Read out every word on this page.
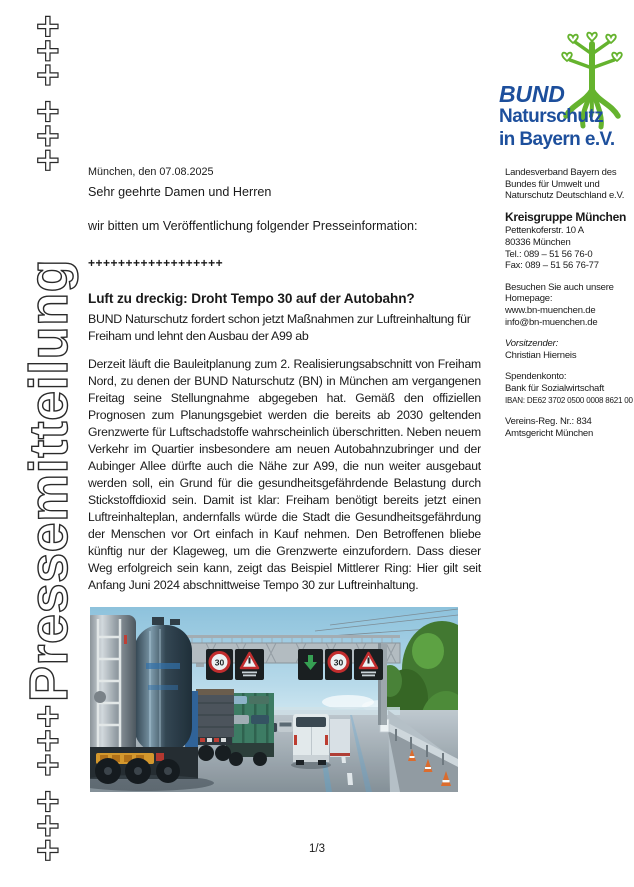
+++ +++
Pressemitteilung
+++ +++
BUND
Naturschutz
in Bayern e.V.
Landesverband Bayern des
Bundes für Umwelt und
Naturschutz Deutschland e.V.
Kreisgruppe München
Pettenkoferstr. 10 A
80336 München
Tel.: 089 – 51 56 76-0
Fax: 089 – 51 56 76-77
Besuchen Sie auch unsere
Homepage:
www.bn-muenchen.de
info@bn-muenchen.de
Vorsitzender:
Christian Hierneis
Spendenkonto:
Bank für Sozialwirtschaft
IBAN: DE62 3702 0500 0008 8621 00
Vereins-Reg. Nr.: 834
Amtsgericht München
München, den 07.08.2025
Sehr geehrte Damen und Herren
wir bitten um Veröffentlichung folgender Presseinformation:
++++++++++++++++++
Luft zu dreckig: Droht Tempo 30 auf der Autobahn?
BUND Naturschutz fordert schon jetzt Maßnahmen zur Luftreinhaltung für Freiham und lehnt den Ausbau der A99 ab
Derzeit läuft die Bauleitplanung zum 2. Realisierungsabschnitt von Freiham Nord, zu denen der BUND Naturschutz (BN) in München am vergangenen Freitag seine Stellungnahme abgegeben hat. Gemäß den offiziellen Prognosen zum Planungsgebiet werden die bereits ab 2030 geltenden Grenzwerte für Luftschadstoffe wahrscheinlich überschritten. Neben neuem Verkehr im Quartier insbesondere am neuen Autobahnzubringer und der Aubinger Allee dürfte auch die Nähe zur A99, die nun weiter ausgebaut werden soll, ein Grund für die gesundheitsgefährdende Belastung durch Stickstoffdioxid sein. Damit ist klar: Freiham benötigt bereits jetzt einen Luftreinhalteplan, andernfalls würde die Stadt die Gesundheitsgefährdung der Menschen vor Ort einfach in Kauf nehmen. Den Betroffenen bliebe künftig nur der Klageweg, um die Grenzwerte einzufordern. Dass dieser Weg erfolgreich sein kann, zeigt das Beispiel Mittlerer Ring: Hier gilt seit Anfang Juni 2024 abschnittweise Tempo 30 zur Luftreinhaltung.
30	30
1/3
